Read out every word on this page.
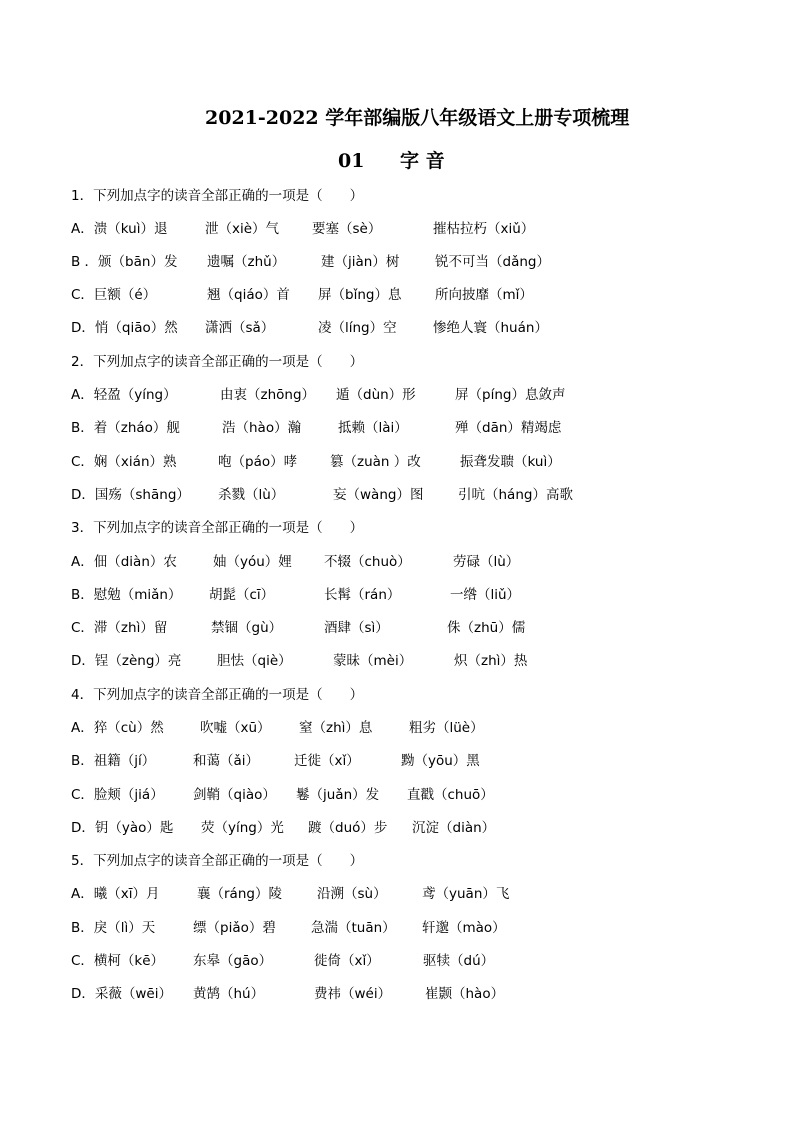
2021-2022 学年部编版八年级语文上册专项梳理
01 字 音
1．下列加点字的读音全部正确的一项是（　　）
A．溃（kuì）退	泄（xiè）气 要塞（sè）	摧枯拉朽（xiǔ）
B ．颁（bān）发 遗嘱（zhǔ）	建（jiàn）树	锐不可当（dǎng）
C．巨额（é）	翘（qiáo）首 屏（bǐng）息 所向披靡（mǐ）
D．悄（qiāo）然 潇洒（sǎ）	凌（líng）空	惨绝人寰（huán）
2．下列加点字的读音全部正确的一项是（　　）
A．轻盈（yíng）	由衷（zhōng） 遁（dùn）形	屏（píng）息敛声
B．着（zháo）舰	浩（hào）瀚	抵赖（lài）	殚（dān）精竭虑
C．娴（xián）熟	咆（páo）哮 篡（zuàn ）改	振聋发聩（kuì）
D．国殇（shāng） 杀戮（lù）	妄（wàng）图	引吭（háng）高歌
3．下列加点字的读音全部正确的一项是（　　）
A．佃（diàn）农	妯（yóu）娌 不辍（chuò）	劳碌（lù）
B．慰勉（miǎn） 胡髭（cī）	长髯（rán）	一绺（liǔ）
C．滞（zhì）留	禁锢（gù）	酒肆（sì）	侏（zhū）儒
D．锃（zèng）亮	胆怯（qiè）	蒙昧（mèi）	炽（zhì）热
4．下列加点字的读音全部正确的一项是（　　）
A．猝（cù）然	吹嘘（xū） 窒（zhì）息	粗劣（lüè）
B．祖籍（jí）	和蔼（ǎi）	迁徙（xǐ）	黝（yōu）黑
C．脸颊（jiá） 剑鞘（qiào） 鬈（juǎn）发 直戳（chuō）
D．钥（yào）匙 荧（yíng）光 踱（duó）步 沉淀（diàn）
5．下列加点字的读音全部正确的一项是（　　）
A．曦（xī）月	襄（ráng）陵	沿溯（sù）	鸢（yuān）飞
B．戾（lì）天	缥（piǎo）碧	急湍（tuān） 轩邈（mào）
C．横柯（kē） 东皋（gāo）	徙倚（xǐ）	驱犊（dú）
D．采薇（wēi） 黄鹄（hú）	费祎（wéi）	崔颢（hào）
